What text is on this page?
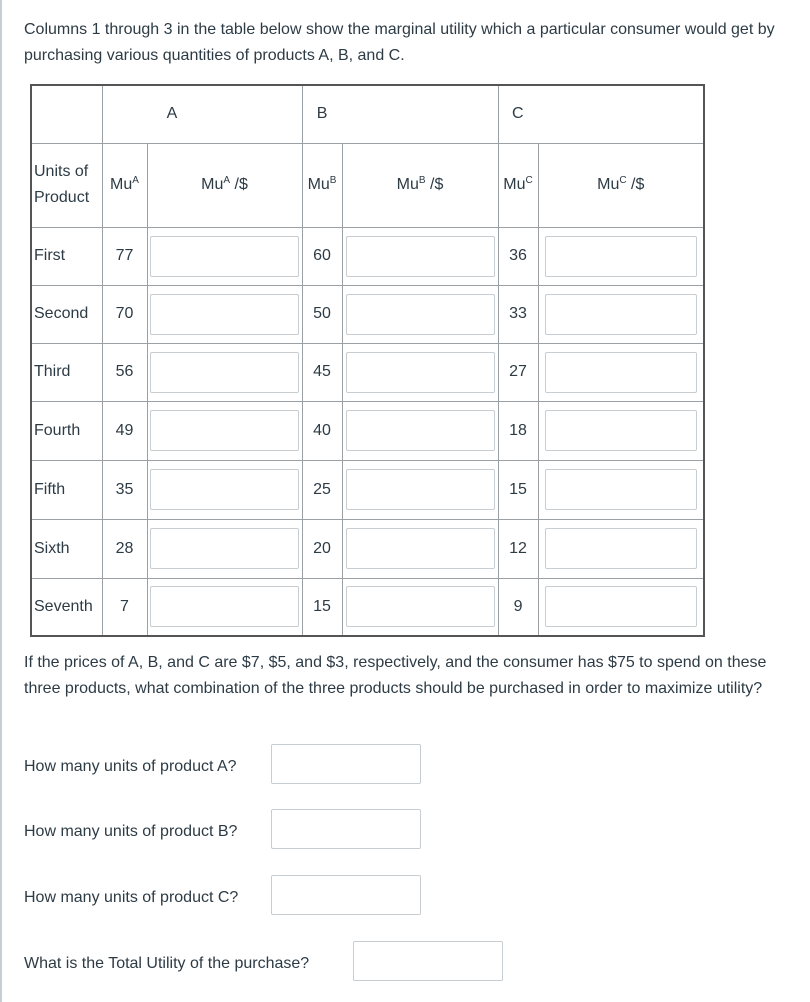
Columns 1 through 3 in the table below show the marginal utility which a particular consumer would get by purchasing various quantities of products A, B, and C.
	A		B		C	
Units of
Product	$Mu^A$	$Mu^A$ /$	$Mu^B$	$Mu^B$ /$	$Mu^C$	$Mu^C$ /$
First	77		60		36	

Second	70		50		33	

Third	56		45		27	

Fourth	49		40		18	

Fifth	35		25		15	

Sixth	28		20		12	

Seventh	7		15		9	
If the prices of A, B, and C are $7, $5, and $3, respectively, and the consumer has $75 to spend on these three products, what combination of the three products should be purchased in order to maximize utility?
How many units of product A?
How many units of product B?
How many units of product C?
What is the Total Utility of the purchase?
